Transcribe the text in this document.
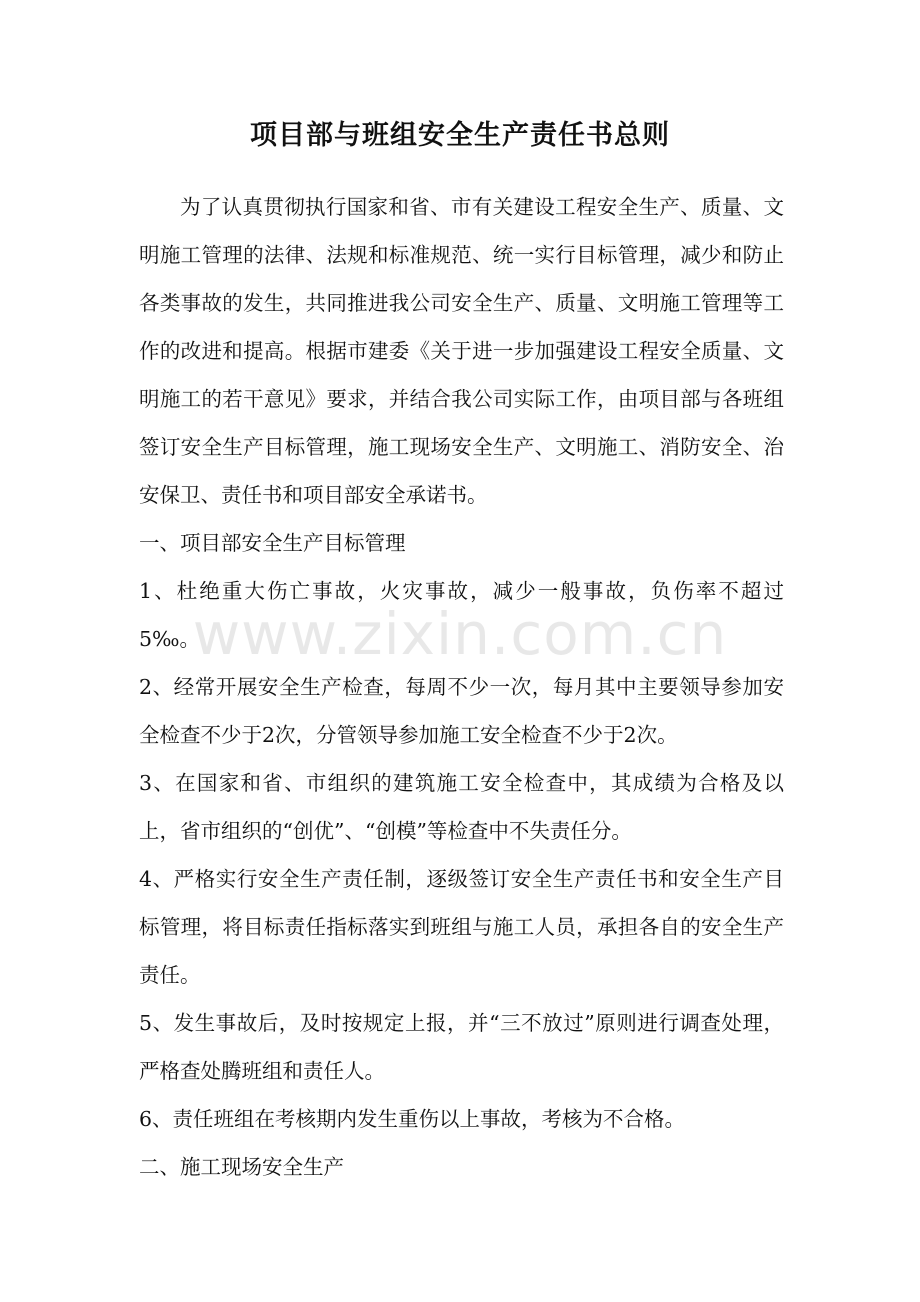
项目部与班组安全生产责任书总则

为了认真贯彻执行国家和省、市有关建设工程安全生产、质量、文明施工管理的法律、法规和标准规范、统一实行目标管理，减少和防止各类事故的发生，共同推进我公司安全生产、质量、文明施工管理等工作的改进和提高。根据市建委《关于进一步加强建设工程安全质量、文明施工的若干意见》要求，并结合我公司实际工作，由项目部与各班组签订安全生产目标管理，施工现场安全生产、文明施工、消防安全、治安保卫、责任书和项目部安全承诺书。

一、项目部安全生产目标管理

1、杜绝重大伤亡事故，火灾事故，减少一般事故，负伤率不超过5‰。

2、经常开展安全生产检查，每周不少一次，每月其中主要领导参加安全检查不少于2次，分管领导参加施工安全检查不少于2次。

3、在国家和省、市组织的建筑施工安全检查中，其成绩为合格及以上，省市组织的“创优”、“创模”等检查中不失责任分。

4、严格实行安全生产责任制，逐级签订安全生产责任书和安全生产目标管理，将目标责任指标落实到班组与施工人员，承担各自的安全生产责任。

5、发生事故后，及时按规定上报，并“三不放过”原则进行调查处理，严格查处腾班组和责任人。

6、责任班组在考核期内发生重伤以上事故，考核为不合格。

二、施工现场安全生产

www.zixin.com.cn
